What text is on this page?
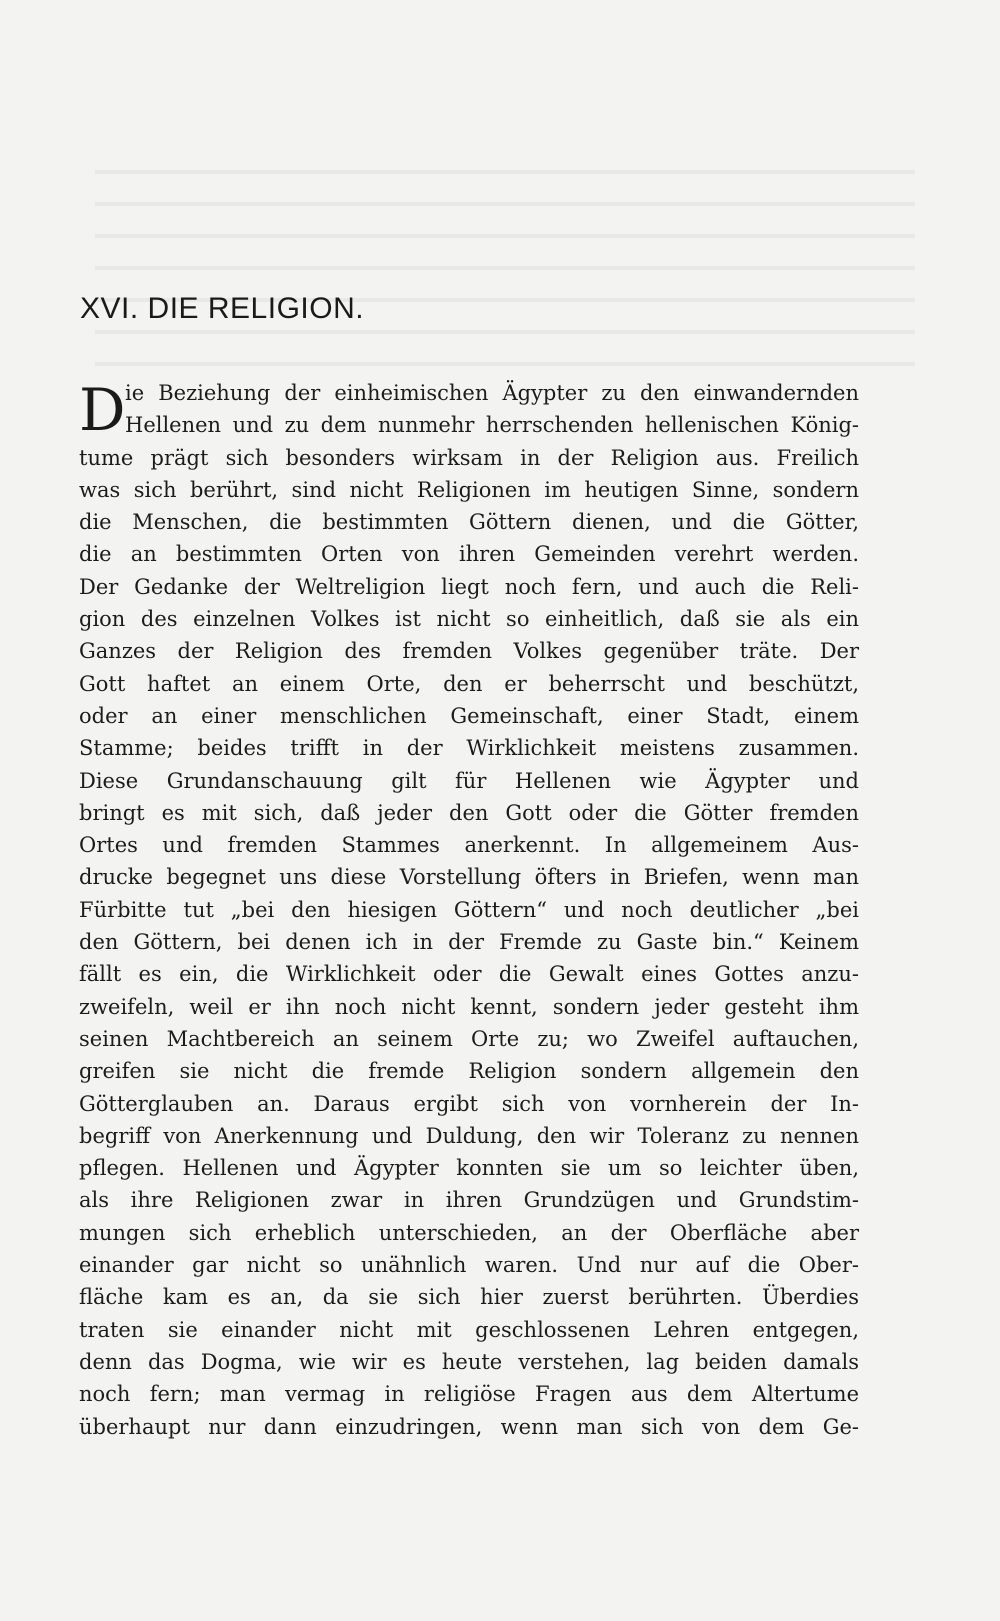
XVI. DIE RELIGION.
D ie Beziehung der einheimischen Ägypter zu den einwandernden
Hellenen und zu dem nunmehr herrschenden hellenischen König-
tume prägt sich besonders wirksam in der Religion aus. Freilich
was sich berührt, sind nicht Religionen im heutigen Sinne, sondern
die Menschen, die bestimmten Göttern dienen, und die Götter,
die an bestimmten Orten von ihren Gemeinden verehrt werden.
Der Gedanke der Weltreligion liegt noch fern, und auch die Reli-
gion des einzelnen Volkes ist nicht so einheitlich, daß sie als ein
Ganzes der Religion des fremden Volkes gegenüber träte. Der
Gott haftet an einem Orte, den er beherrscht und beschützt,
oder an einer menschlichen Gemeinschaft, einer Stadt, einem
Stamme; beides trifft in der Wirklichkeit meistens zusammen.
Diese Grundanschauung gilt für Hellenen wie Ägypter und
bringt es mit sich, daß jeder den Gott oder die Götter fremden
Ortes und fremden Stammes anerkennt. In allgemeinem Aus-
drucke begegnet uns diese Vorstellung öfters in Briefen, wenn man
Fürbitte tut „bei den hiesigen Göttern“ und noch deutlicher „bei
den Göttern, bei denen ich in der Fremde zu Gaste bin.“ Keinem
fällt es ein, die Wirklichkeit oder die Gewalt eines Gottes anzu-
zweifeln, weil er ihn noch nicht kennt, sondern jeder gesteht ihm
seinen Machtbereich an seinem Orte zu; wo Zweifel auftauchen,
greifen sie nicht die fremde Religion sondern allgemein den
Götterglauben an. Daraus ergibt sich von vornherein der In-
begriff von Anerkennung und Duldung, den wir Toleranz zu nennen
pflegen. Hellenen und Ägypter konnten sie um so leichter üben,
als ihre Religionen zwar in ihren Grundzügen und Grundstim-
mungen sich erheblich unterschieden, an der Oberfläche aber
einander gar nicht so unähnlich waren. Und nur auf die Ober-
fläche kam es an, da sie sich hier zuerst berührten. Überdies
traten sie einander nicht mit geschlossenen Lehren entgegen,
denn das Dogma, wie wir es heute verstehen, lag beiden damals
noch fern; man vermag in religiöse Fragen aus dem Altertume
überhaupt nur dann einzudringen, wenn man sich von dem Ge-
